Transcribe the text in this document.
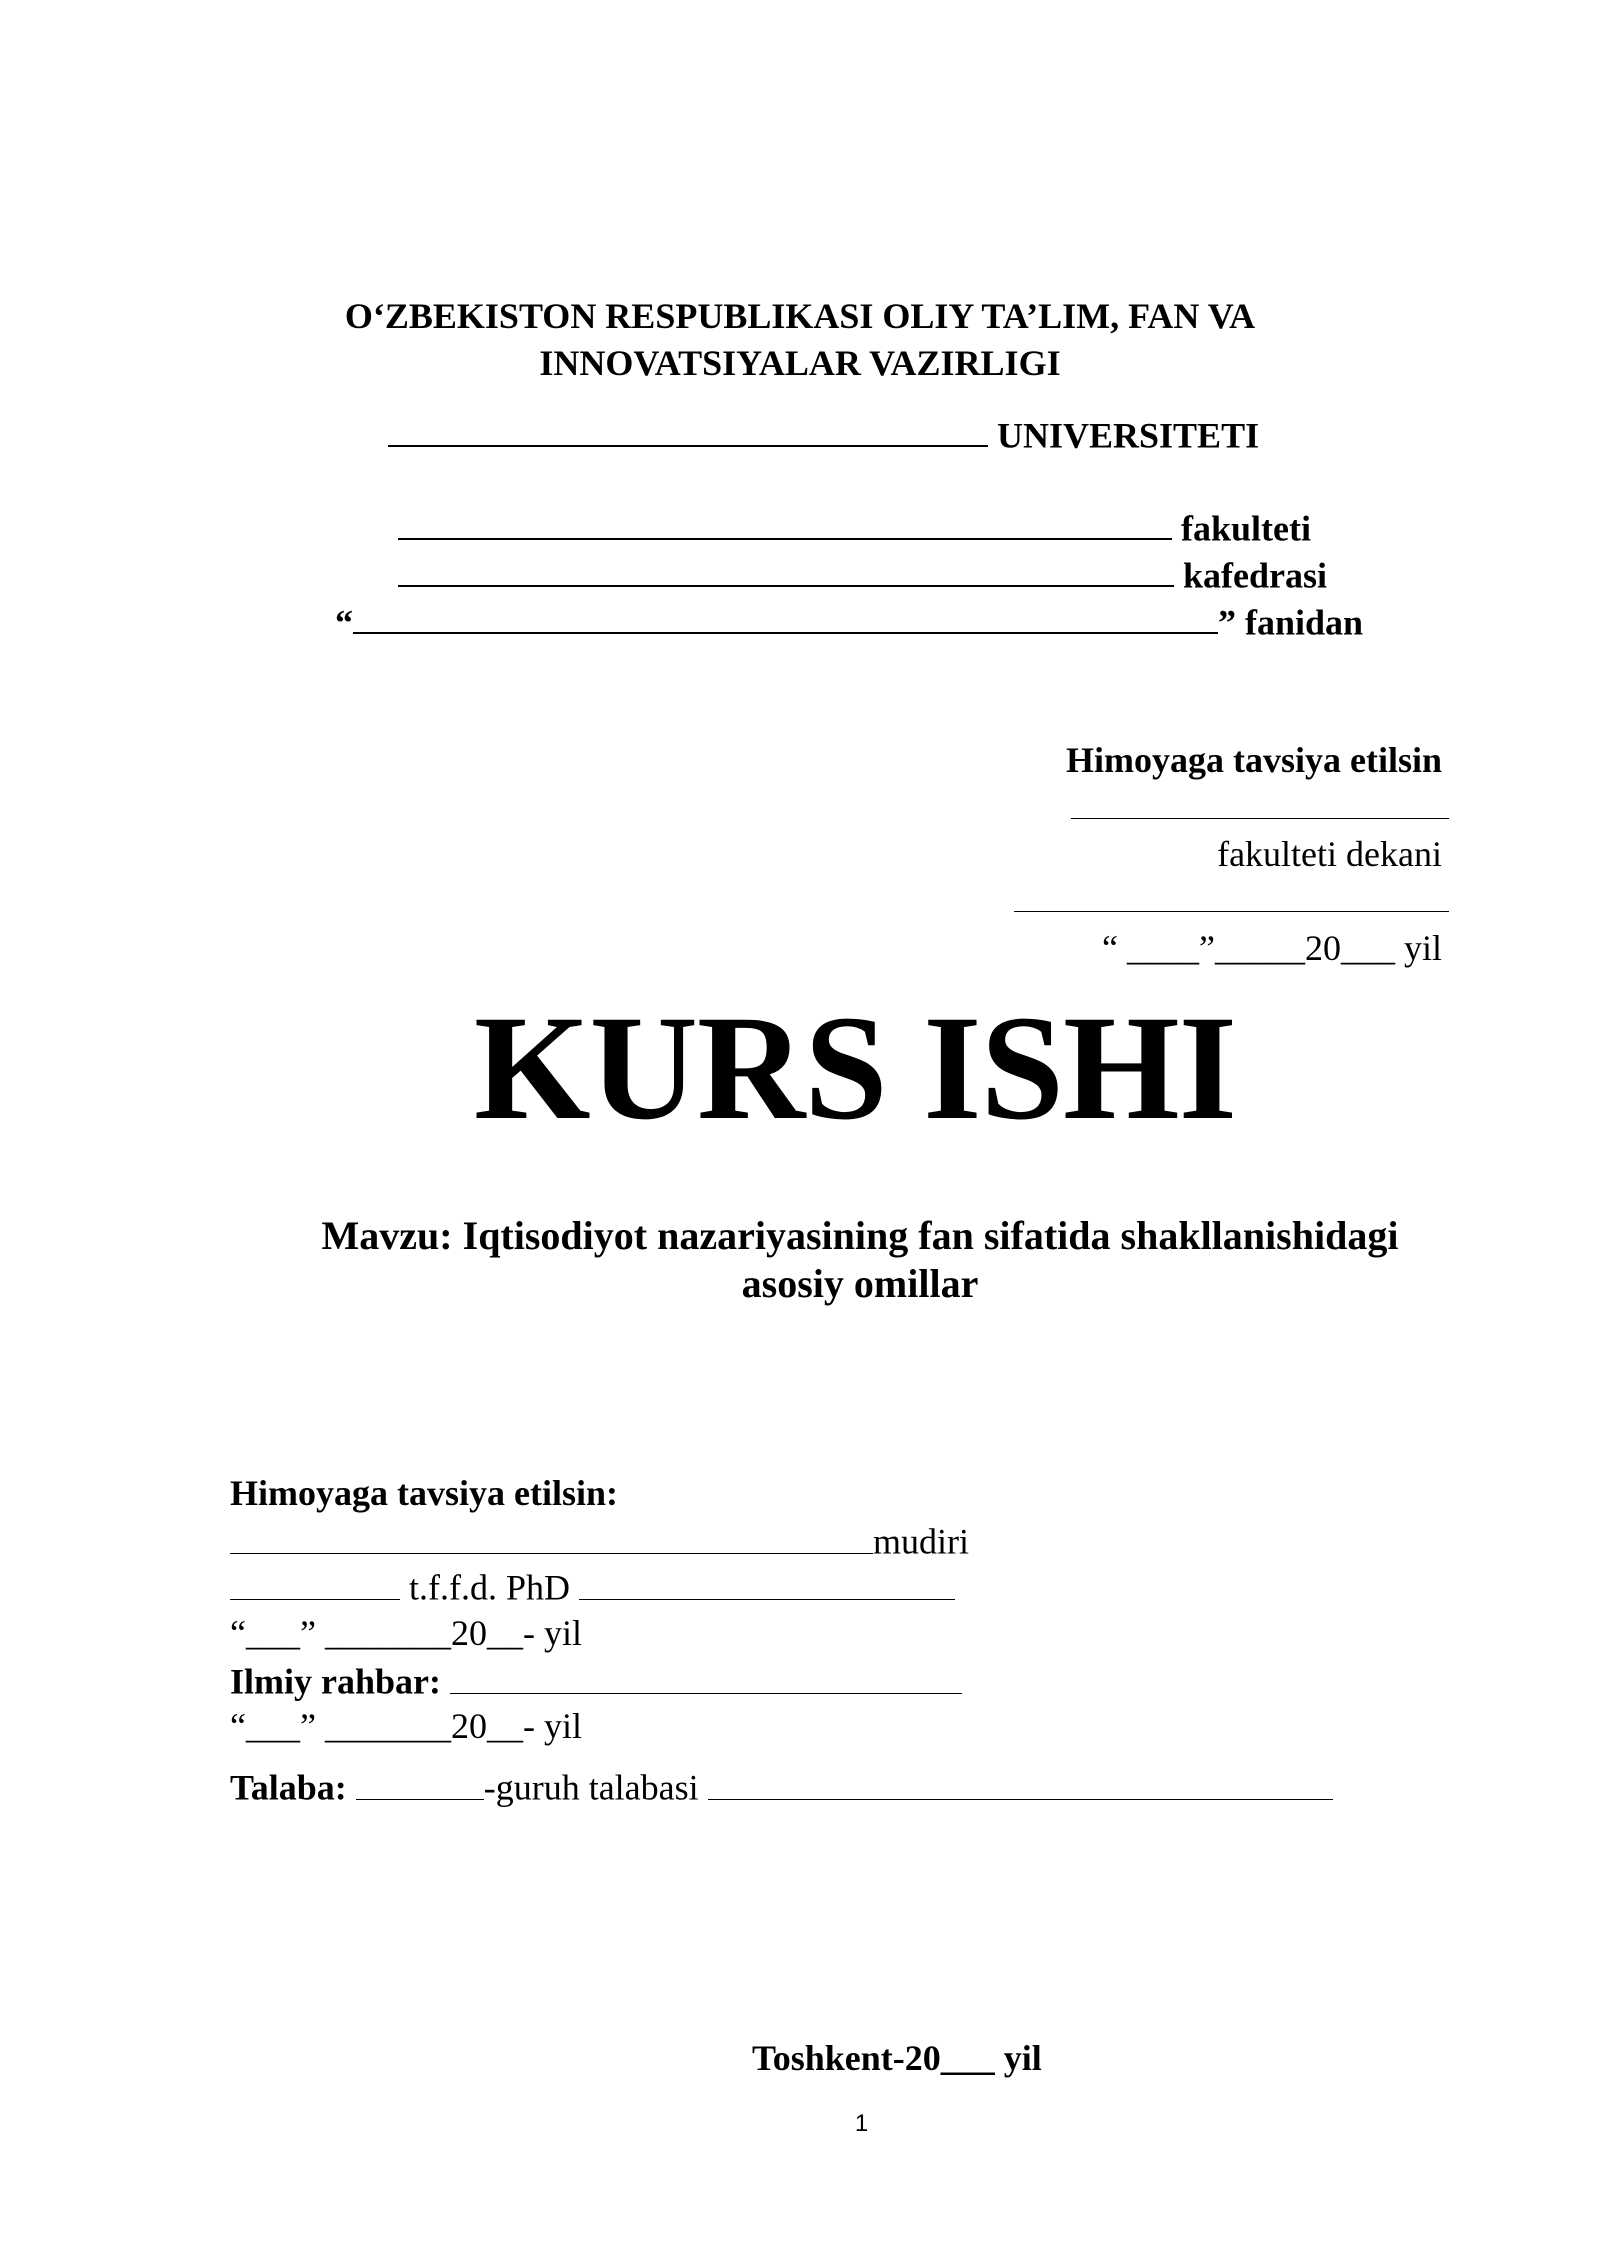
O‘ZBEKISTON RESPUBLIKASI OLIY TA’LIM, FAN VA
INNOVATSIYALAR VAZIRLIGI
UNIVERSITETI
fakulteti
kafedrasi
“	” fanidan
Himoyaga tavsiya etilsin
fakulteti dekani
“ ____”_____20___ yil
KURS ISHI
Mavzu: Iqtisodiyot nazariyasining fan sifatida shakllanishidagi
asosiy omillar
Himoyaga tavsiya etilsin:
mudiri
t.f.f.d. PhD
“___” _______20__- yil
Ilmiy rahbar:
“___” _______20__- yil
Talaba:	-guruh talabasi
Toshkent-20___ yil
1
